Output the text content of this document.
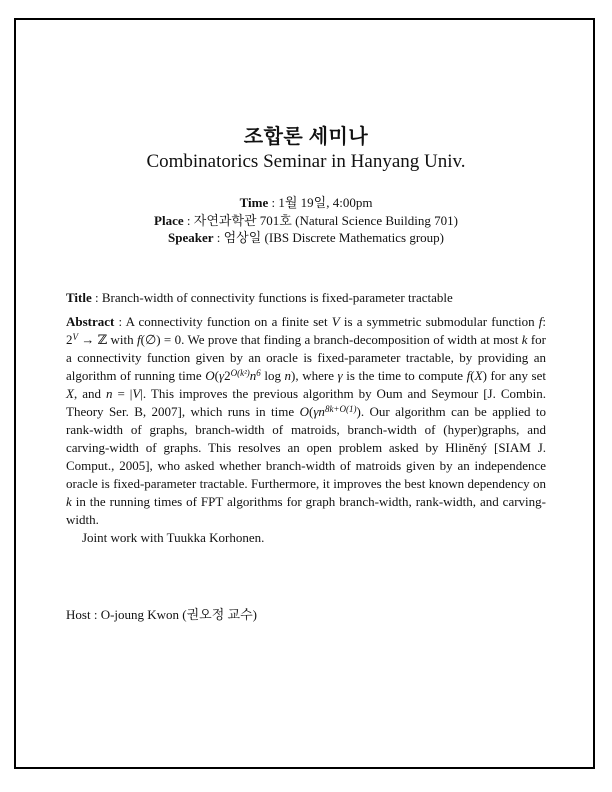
조합론 세미나
Combinatorics Seminar in Hanyang Univ.
Time : 1월 19일, 4:00pm
Place : 자연과학관 701호 (Natural Science Building 701)
Speaker : 엄상일 (IBS Discrete Mathematics group)
Title : Branch-width of connectivity functions is fixed-parameter tractable

Abstract : A connectivity function on a finite set V is a symmetric submodular function f: $2^V$ → ℤ with f(∅) = 0. We prove that finding a branch-decomposition of width at most k for a connectivity function given by an oracle is fixed-parameter tractable, by providing an algorithm of running time $O(\gamma 2^{O(k^2)}n^6$ log n), where γ is the time to compute f(X) for any set X, and n = |V|. This improves the previous algorithm by Oum and Seymour [J. Combin. Theory Ser. B, 2007], which runs in time $O(\gamma n^{8k+O(1)})$. Our algorithm can be applied to rank-width of graphs, branch-width of matroids, branch-width of (hyper)graphs, and carving-width of graphs. This resolves an open problem asked by Hliněný [SIAM J. Comput., 2005], who asked whether branch-width of matroids given by an independence oracle is fixed-parameter tractable. Furthermore, it improves the best known dependency on k in the running times of FPT algorithms for graph branch-width, rank-width, and carving-width.

Joint work with Tuukka Korhonen.

Host : O-joung Kwon (권오정 교수)
